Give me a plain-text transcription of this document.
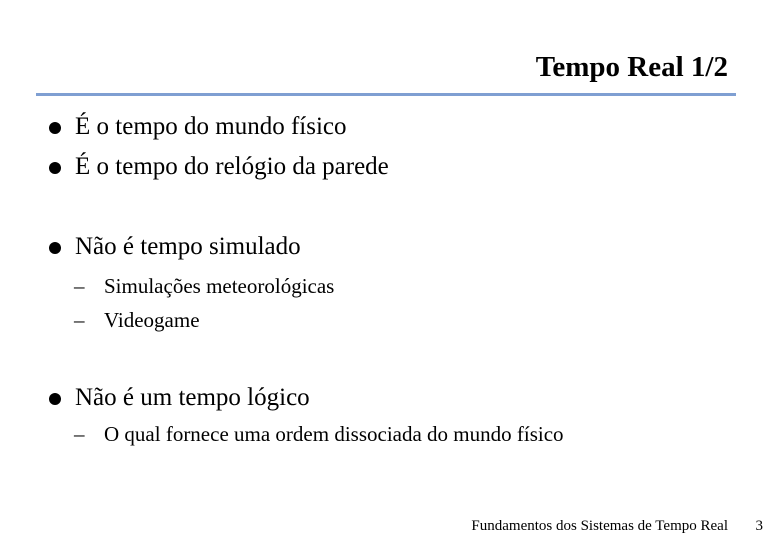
Tempo Real 1/2
É o tempo do mundo físico
É o tempo do relógio da parede
Não é tempo simulado
– Simulações meteorológicas
– Videogame
Não é um tempo lógico
– O qual fornece uma ordem dissociada do mundo físico
Fundamentos dos Sistemas de Tempo Real 3
